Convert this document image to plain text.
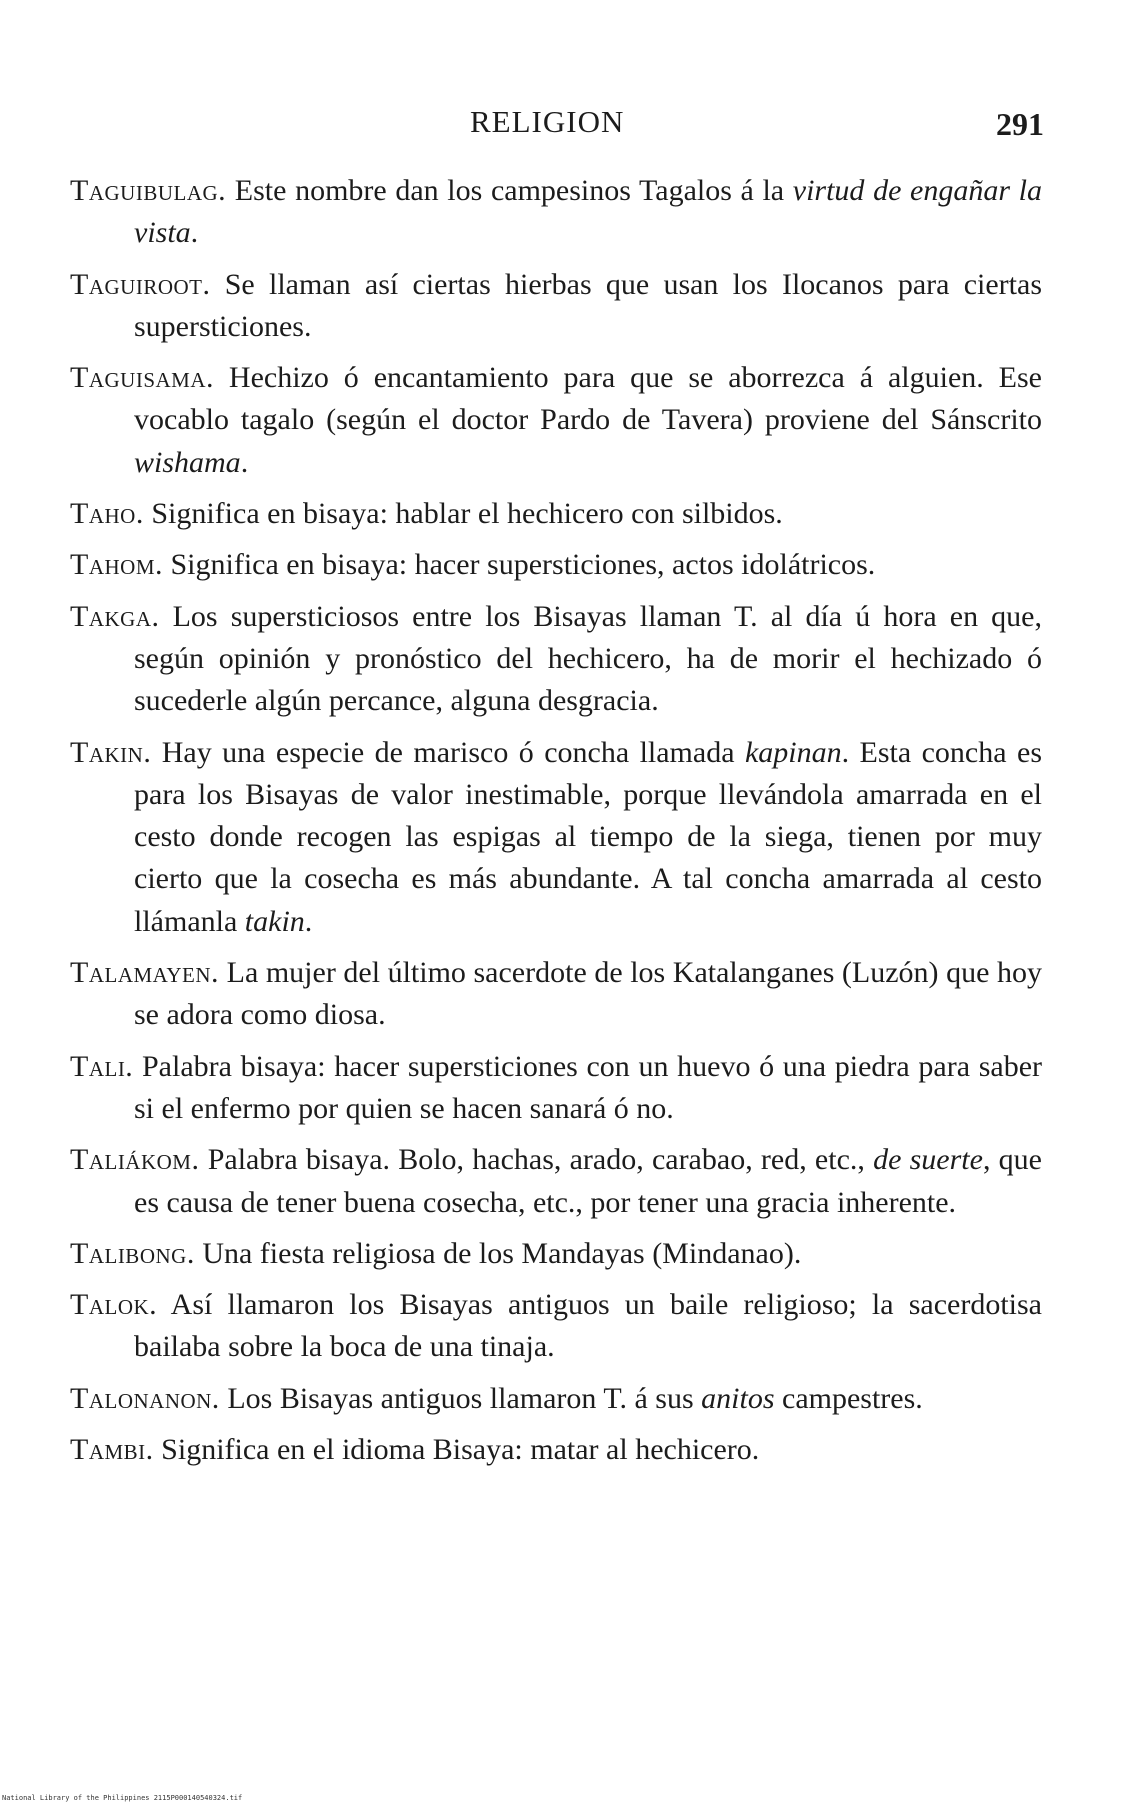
RELIGION	291

Taguibulag. Este nombre dan los campesinos Tagalos á la virtud de engañar la vista.

Taguiroot. Se llaman así ciertas hierbas que usan los Ilocanos para ciertas supersticiones.

Taguisama. Hechizo ó encantamiento para que se aborrezca á alguien. Ese vocablo tagalo (según el doctor Pardo de Tavera) proviene del Sánscrito wishama.

Taho. Significa en bisaya: hablar el hechicero con silbidos.

Tahom. Significa en bisaya: hacer supersticiones, actos idolátricos.

Takga. Los supersticiosos entre los Bisayas llaman T. al día ú hora en que, según opinión y pronóstico del hechicero, ha de morir el hechizado ó sucederle algún percance, alguna desgracia.

Takin. Hay una especie de marisco ó concha llamada kapinan. Esta concha es para los Bisayas de valor inestimable, porque llevándola amarrada en el cesto donde recogen las espigas al tiempo de la siega, tienen por muy cierto que la cosecha es más abundante. A tal concha amarrada al cesto llámanla takin.

Talamayen. La mujer del último sacerdote de los Katalanganes (Luzón) que hoy se adora como diosa.

Tali. Palabra bisaya: hacer supersticiones con un huevo ó una piedra para saber si el enfermo por quien se hacen sanará ó no.

Taliákom. Palabra bisaya. Bolo, hachas, arado, carabao, red, etc., de suerte, que es causa de tener buena cosecha, etc., por tener una gracia inherente.

Talibong. Una fiesta religiosa de los Mandayas (Mindanao).

Talok. Así llamaron los Bisayas antiguos un baile religioso; la sacerdotisa bailaba sobre la boca de una tinaja.

Talonanon. Los Bisayas antiguos llamaron T. á sus anitos campestres.

Tambi. Significa en el idioma Bisaya: matar al hechicero.

National Library of the Philippines 2115P000140540324.tif
